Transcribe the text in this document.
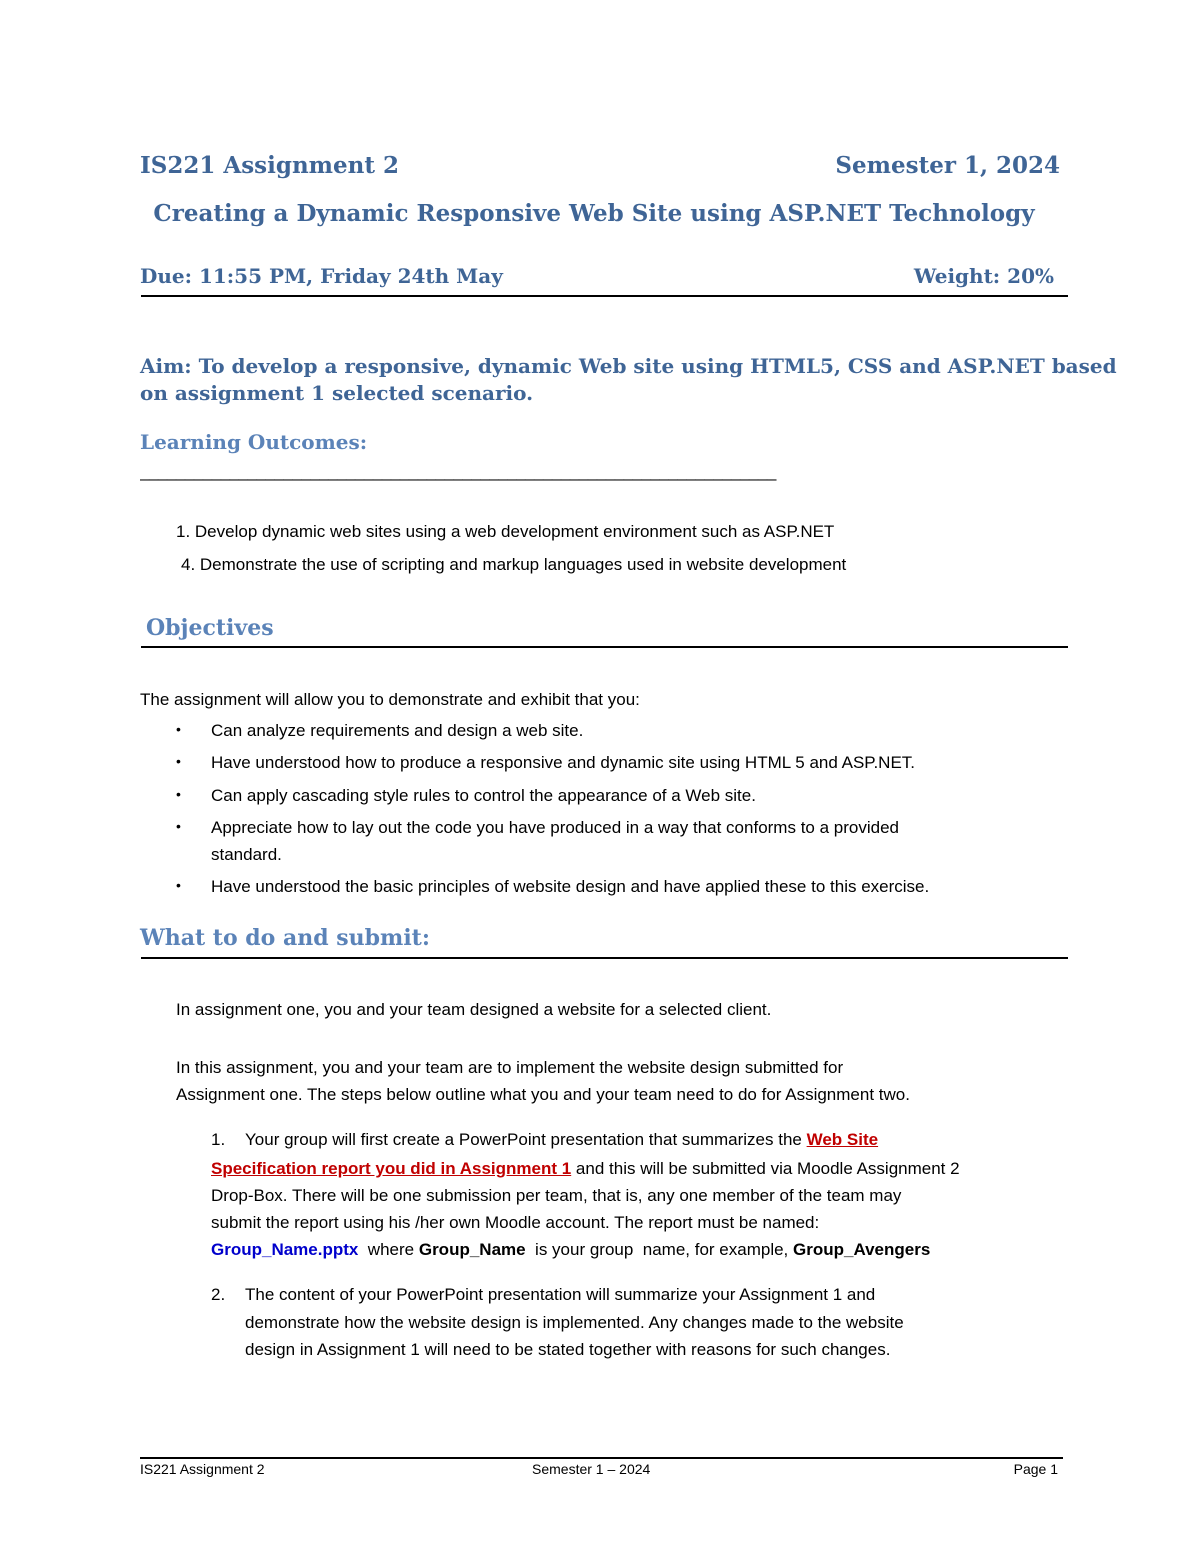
IS221 Assignment 2	Semester 1, 2024
Creating a Dynamic Responsive Web Site using ASP.NET Technology
Due: 11:55 PM, Friday 24th May	Weight: 20%
Aim: To develop a responsive, dynamic Web site using HTML5, CSS and ASP.NET based
on assignment 1 selected scenario.
Learning Outcomes:
_______________________________________________________________________
1. Develop dynamic web sites using a web development environment such as ASP.NET
4. Demonstrate the use of scripting and markup languages used in website development
Objectives
The assignment will allow you to demonstrate and exhibit that you:
• Can analyze requirements and design a web site.
• Have understood how to produce a responsive and dynamic site using HTML 5 and ASP.NET.
• Can apply cascading style rules to control the appearance of a Web site.
• Appreciate how to lay out the code you have produced in a way that conforms to a provided
standard.
• Have understood the basic principles of website design and have applied these to this exercise.
What to do and submit:
In assignment one, you and your team designed a website for a selected client.
In this assignment, you and your team are to implement the website design submitted for
Assignment one. The steps below outline what you and your team need to do for Assignment two.
1. Your group will first create a PowerPoint presentation that summarizes the Web Site
Specification report you did in Assignment 1 and this will be submitted via Moodle Assignment 2
Drop-Box. There will be one submission per team, that is, any one member of the team may
submit the report using his /her own Moodle account. The report must be named:
Group_Name.pptx  where Group_Name  is your group  name, for example, Group_Avengers
2. The content of your PowerPoint presentation will summarize your Assignment 1 and
demonstrate how the website design is implemented. Any changes made to the website
design in Assignment 1 will need to be stated together with reasons for such changes.
IS221 Assignment 2	Semester 1 – 2024	Page 1
